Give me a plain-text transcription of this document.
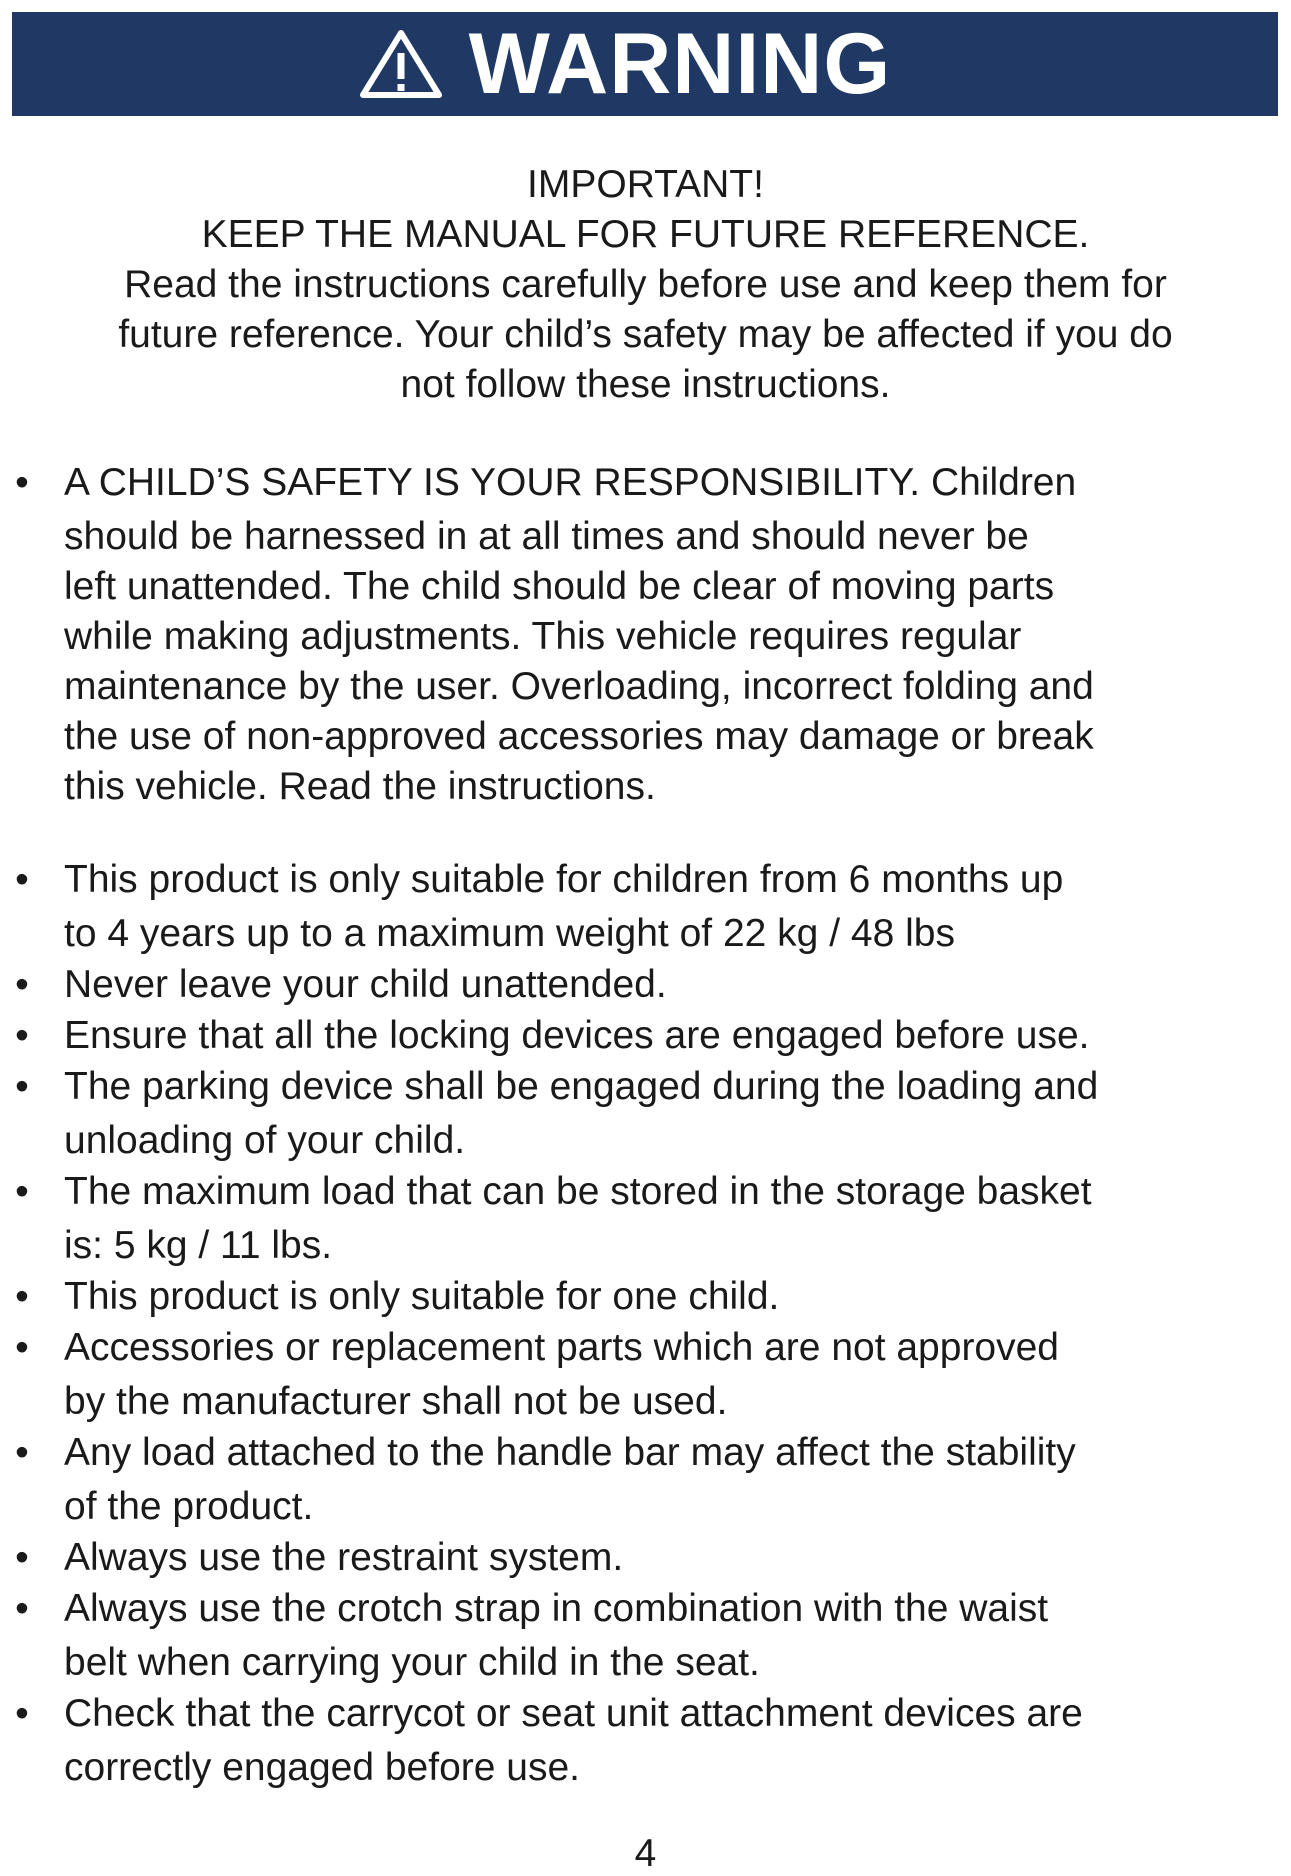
WARNING
IMPORTANT!
KEEP THE MANUAL FOR FUTURE REFERENCE.
Read the instructions carefully before use and keep them for
future reference. Your child’s safety may be affected if you do
not follow these instructions.
• A CHILD’S SAFETY IS YOUR RESPONSIBILITY. Children
should be harnessed in at all times and should never be
left unattended. The child should be clear of moving parts
while making adjustments. This vehicle requires regular
maintenance by the user. Overloading, incorrect folding and
the use of non-approved accessories may damage or break
this vehicle. Read the instructions.
• This product is only suitable for children from 6 months up
to 4 years up to a maximum weight of 22 kg / 48 lbs
• Never leave your child unattended.
• Ensure that all the locking devices are engaged before use.
• The parking device shall be engaged during the loading and
unloading of your child.
• The maximum load that can be stored in the storage basket
is: 5 kg / 11 lbs.
• This product is only suitable for one child.
• Accessories or replacement parts which are not approved
by the manufacturer shall not be used.
• Any load attached to the handle bar may affect the stability
of the product.
• Always use the restraint system.
• Always use the crotch strap in combination with the waist
belt when carrying your child in the seat.
• Check that the carrycot or seat unit attachment devices are
correctly engaged before use.
4
